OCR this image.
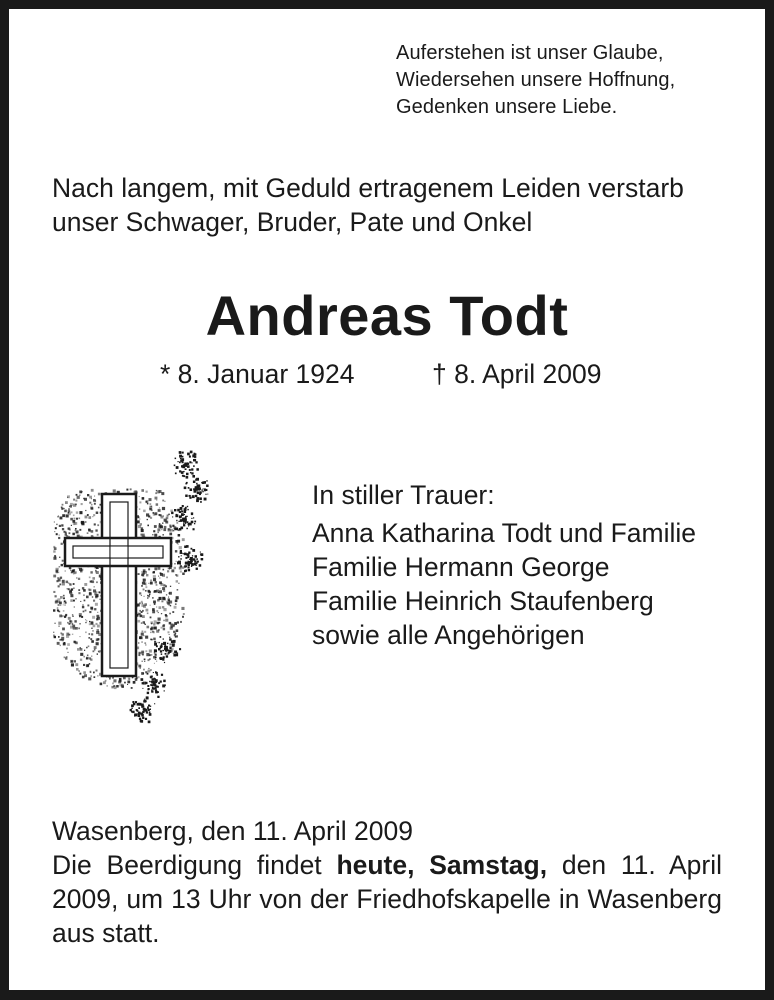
Auferstehen ist unser Glaube,
Wiedersehen unsere Hoffnung,
Gedenken unsere Liebe.
Nach langem, mit Geduld ertragenem Leiden verstarb
unser Schwager, Bruder, Pate und Onkel
Andreas Todt
* 8. Januar 1924	† 8. April 2009
In stiller Trauer:
Anna Katharina Todt und Familie
Familie Hermann George
Familie Heinrich Staufenberg
sowie alle Angehörigen
Wasenberg, den 11. April 2009
Die Beerdigung findet heute, Samstag, den 11. April 2009, um 13 Uhr von der Friedhofskapelle in Wasenberg aus statt.
